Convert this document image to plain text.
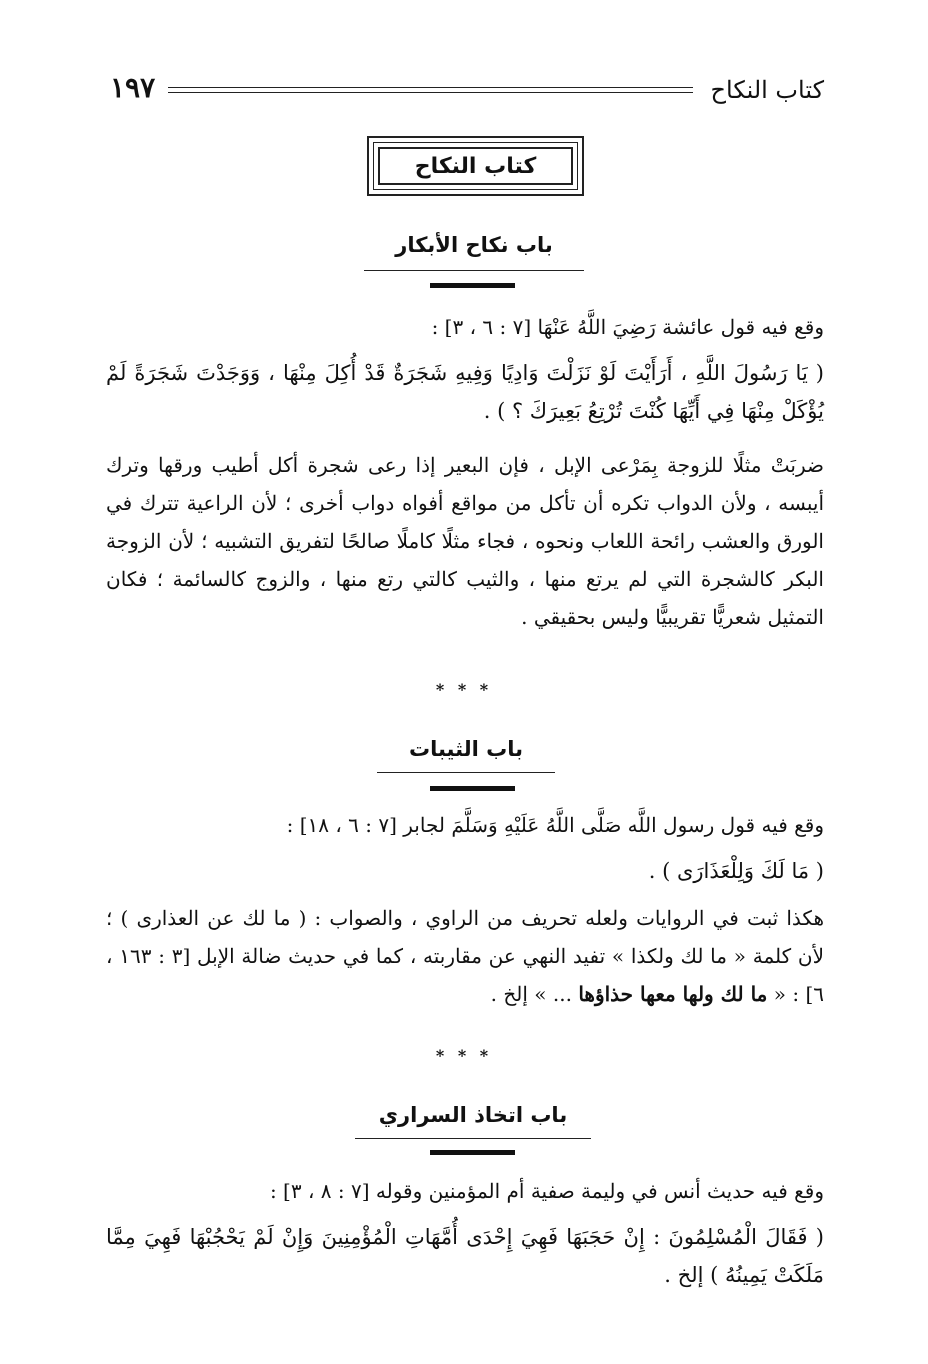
كتاب النكاح
١٩٧
كتاب النكاح
باب نكاح الأبكار
وقع فيه قول عائشة رَضِيَ اللَّهُ عَنْهَا [٧ : ٦ ، ٣] :
( يَا رَسُولَ اللَّهِ ، أَرَأَيْتَ لَوْ نَزَلْتَ وَادِيًا وَفِيهِ شَجَرَةٌ قَدْ أُكِلَ مِنْهَا ، وَوَجَدْتَ شَجَرَةً لَمْ يُؤْكَلْ مِنْهَا فِي أَيِّهَا كُنْتَ تُرْتِعُ بَعِيرَكَ ؟ ) .
ضربَتْ مثلًا للزوجة بِمَرْعى الإبل ، فإن البعير إذا رعى شجرة أكل أطيب ورقها وترك أيبسه ، ولأن الدواب تكره أن تأكل من مواقع أفواه دواب أخرى ؛ لأن الراعية تترك في الورق والعشب رائحة اللعاب ونحوه ، فجاء مثلًا كاملًا صالحًا لتفريق التشبيه ؛ لأن الزوجة البكر كالشجرة التي لم يرتع منها ، والثيب كالتي رتع منها ، والزوج كالسائمة ؛ فكان التمثيل شعريًّا تقريبيًّا وليس بحقيقي .
* * *
باب الثيبات
وقع فيه قول رسول اللَّه صَلَّى اللَّهُ عَلَيْهِ وَسَلَّمَ لجابر [٧ : ٦ ، ١٨] :
( مَا لَكَ وَلِلْعَذَارَى ) .
هكذا ثبت في الروايات ولعله تحريف من الراوي ، والصواب : ( ما لك عن العذارى ) ؛ لأن كلمة « ما لك ولكذا » تفيد النهي عن مقاربته ، كما في حديث ضالة الإبل [٣ : ١٦٣ ، ٦] : « ما لك ولها معها حذاؤها ... » إلخ .
* * *
باب اتخاذ السراري
وقع فيه حديث أنس في وليمة صفية أم المؤمنين وقوله [٧ : ٨ ، ٣] :
( فَقَالَ الْمُسْلِمُونَ : إِنْ حَجَبَهَا فَهِيَ إِحْدَى أُمَّهَاتِ الْمُؤْمِنِينَ وَإِنْ لَمْ يَحْجُبْهَا فَهِيَ مِمَّا مَلَكَتْ يَمِينُهُ ) إلخ .
